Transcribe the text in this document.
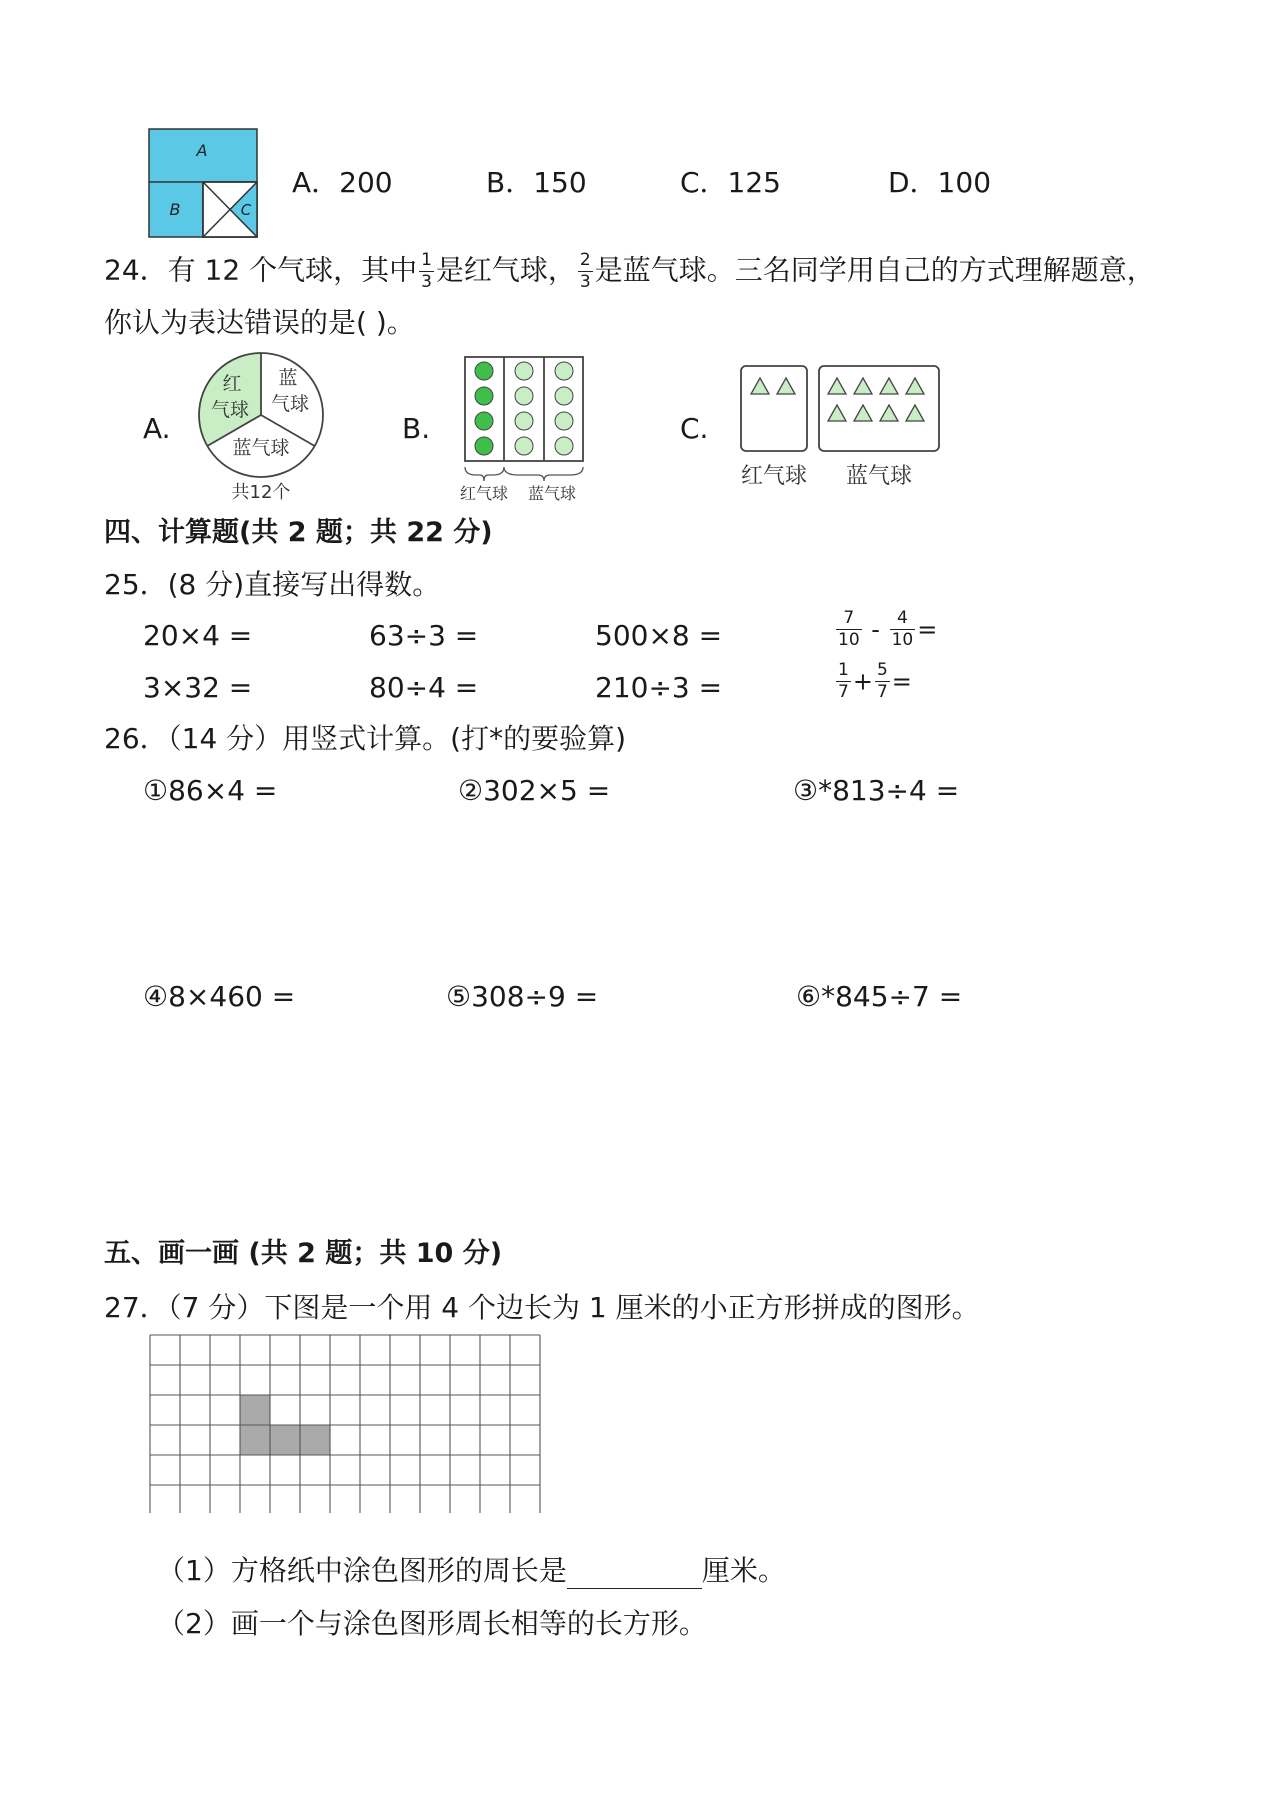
A
B	C
A．200	B．150	C．125	D．100
24．有 12 个气球，其中 $\frac{1}{3}$ 是红气球， $\frac{2}{3}$ 是蓝气球。三名同学用自己的方式理解题意，
你认为表达错误的是( )。
A.
红
气球
蓝
气球
蓝气球
共12个
B.
红气球 蓝气球
C.
红气球 蓝气球
四、计算题(共 2 题；共 22 分)
25．(8 分)直接写出得数。
20×4 =	63÷3 =	500×8 =	$\frac{7}{10} - \frac{4}{10}$ =
3×32 =	80÷4 =	210÷3 =	$\frac{1}{7} + \frac{5}{7}$ =
26．（14 分）用竖式计算。(打*的要验算)
①86×4 =	②302×5 =	③*813÷4 =
④8×460 =	⑤308÷9 =	⑥*845÷7 =
五、画一画 (共 2 题；共 10 分)
27．（7 分）下图是一个用 4 个边长为 1 厘米的小正方形拼成的图形。
（1）方格纸中涂色图形的周长是	厘米。
（2）画一个与涂色图形周长相等的长方形。
